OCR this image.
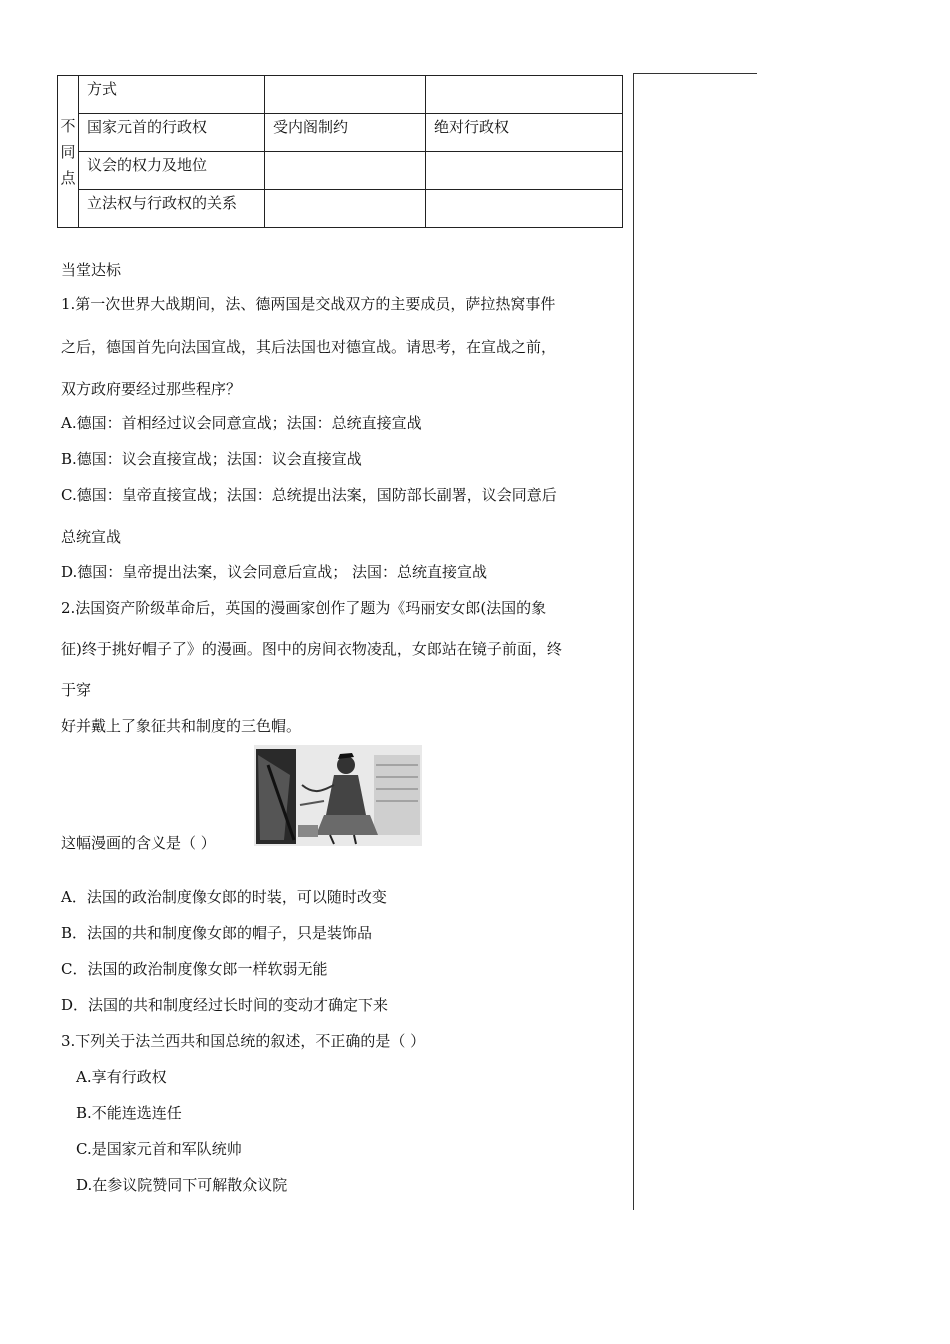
不
同
点	方式		
	国家元首的行政权	受内阁制约	绝对行政权
	议会的权力及地位		
	立法权与行政权的关系		
当堂达标
1.第一次世界大战期间，法、德两国是交战双方的主要成员，萨拉热窝事件
之后，德国首先向法国宣战，其后法国也对德宣战。请思考，在宣战之前，
双方政府要经过那些程序？
A.德国：首相经过议会同意宣战；法国：总统直接宣战
B.德国：议会直接宣战；法国：议会直接宣战
C.德国：皇帝直接宣战；法国：总统提出法案，国防部长副署，议会同意后
总统宣战
D.德国：皇帝提出法案，议会同意后宣战； 法国：总统直接宣战
2.法国资产阶级革命后，英国的漫画家创作了题为《玛丽安女郎(法国的象
征)终于挑好帽子了》的漫画。图中的房间衣物凌乱，女郎站在镜子前面，终
于穿
好并戴上了象征共和制度的三色帽。
这幅漫画的含义是（ ）
A．法国的政治制度像女郎的时装，可以随时改变
B．法国的共和制度像女郎的帽子，只是装饰品
C．法国的政治制度像女郎一样软弱无能
D．法国的共和制度经过长时间的变动才确定下来
3.下列关于法兰西共和国总统的叙述，不正确的是（ ）
A.享有行政权
B.不能连选连任
C.是国家元首和军队统帅
D.在参议院赞同下可解散众议院
